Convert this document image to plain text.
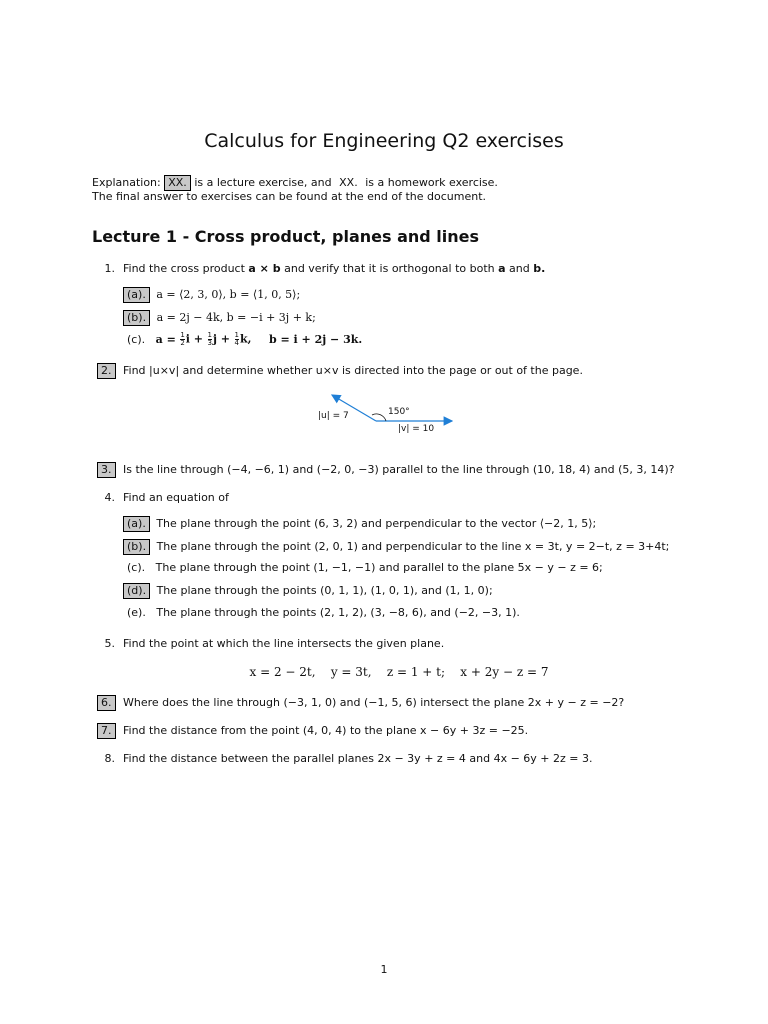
Calculus for Engineering Q2 exercises
Explanation: XX. is a lecture exercise, and XX. is a homework exercise.
The final answer to exercises can be found at the end of the document.
Lecture 1 - Cross product, planes and lines
1. Find the cross product a × b and verify that it is orthogonal to both a and b.
(a). a = ⟨2, 3, 0⟩, b = ⟨1, 0, 5⟩;
(b). a = 2j − 4k, b = −i + 3j + k;
(c). $a = \frac{1}{2}$ $i + \frac{1}{3}$ $j + \frac{1}{4} k$, b = i + 2j − 3k.
2. Find |u×v| and determine whether u×v is directed into the page or out of the page.
|u| = 7	150°
|v| = 10
3. Is the line through (−4, −6, 1) and (−2, 0, −3) parallel to the line through (10, 18, 4) and (5, 3, 14)?
4. Find an equation of
(a). The plane through the point (6, 3, 2) and perpendicular to the vector ⟨−2, 1, 5⟩;
(b). The plane through the point (2, 0, 1) and perpendicular to the line x = 3t, y = 2−t, z = 3+4t;
(c). The plane through the point (1, −1, −1) and parallel to the plane 5x − y − z = 6;
(d). The plane through the points (0, 1, 1), (1, 0, 1), and (1, 1, 0);
(e). The plane through the points (2, 1, 2), (3, −8, 6), and (−2, −3, 1).
5. Find the point at which the line intersects the given plane.
x = 2 − 2t,    y = 3t,    z = 1 + t;    x + 2y − z = 7
6. Where does the line through (−3, 1, 0) and (−1, 5, 6) intersect the plane 2x + y − z = −2?
7. Find the distance from the point (4, 0, 4) to the plane x − 6y + 3z = −25.
8. Find the distance between the parallel planes 2x − 3y + z = 4 and 4x − 6y + 2z = 3.
1
